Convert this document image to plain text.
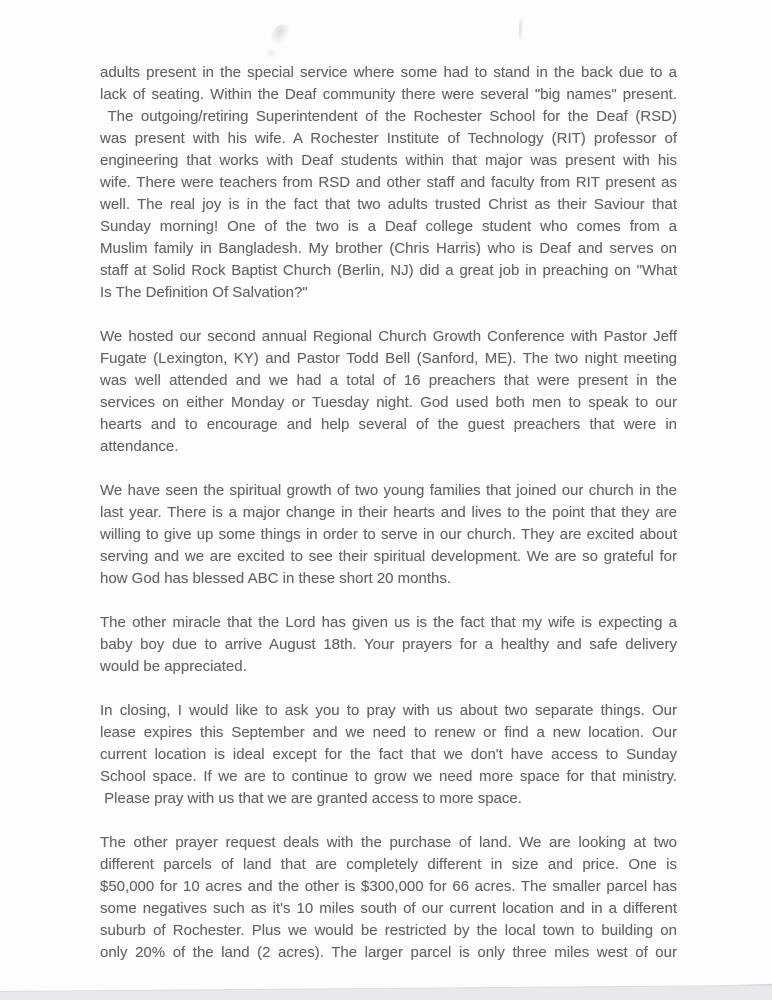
adults present in the special service where some had to stand in the back due to a
lack of seating. Within the Deaf community there were several "big names" present.
The outgoing/retiring Superintendent of the Rochester School for the Deaf (RSD)
was present with his wife. A Rochester Institute of Technology (RIT) professor of
engineering that works with Deaf students within that major was present with his
wife. There were teachers from RSD and other staff and faculty from RIT present as
well. The real joy is in the fact that two adults trusted Christ as their Saviour that
Sunday morning! One of the two is a Deaf college student who comes from a
Muslim family in Bangladesh. My brother (Chris Harris) who is Deaf and serves on
staff at Solid Rock Baptist Church (Berlin, NJ) did a great job in preaching on "What
Is The Definition Of Salvation?"
We hosted our second annual Regional Church Growth Conference with Pastor Jeff
Fugate (Lexington, KY) and Pastor Todd Bell (Sanford, ME). The two night meeting
was well attended and we had a total of 16 preachers that were present in the
services on either Monday or Tuesday night. God used both men to speak to our
hearts and to encourage and help several of the guest preachers that were in
attendance.
We have seen the spiritual growth of two young families that joined our church in the
last year. There is a major change in their hearts and lives to the point that they are
willing to give up some things in order to serve in our church. They are excited about
serving and we are excited to see their spiritual development. We are so grateful for
how God has blessed ABC in these short 20 months.
The other miracle that the Lord has given us is the fact that my wife is expecting a
baby boy due to arrive August 18th. Your prayers for a healthy and safe delivery
would be appreciated.
In closing, I would like to ask you to pray with us about two separate things. Our
lease expires this September and we need to renew or find a new location. Our
current location is ideal except for the fact that we don't have access to Sunday
School space. If we are to continue to grow we need more space for that ministry.
Please pray with us that we are granted access to more space.
The other prayer request deals with the purchase of land. We are looking at two
different parcels of land that are completely different in size and price. One is
$50,000 for 10 acres and the other is $300,000 for 66 acres. The smaller parcel has
some negatives such as it's 10 miles south of our current location and in a different
suburb of Rochester. Plus we would be restricted by the local town to building on
only 20% of the land (2 acres). The larger parcel is only three miles west of our
